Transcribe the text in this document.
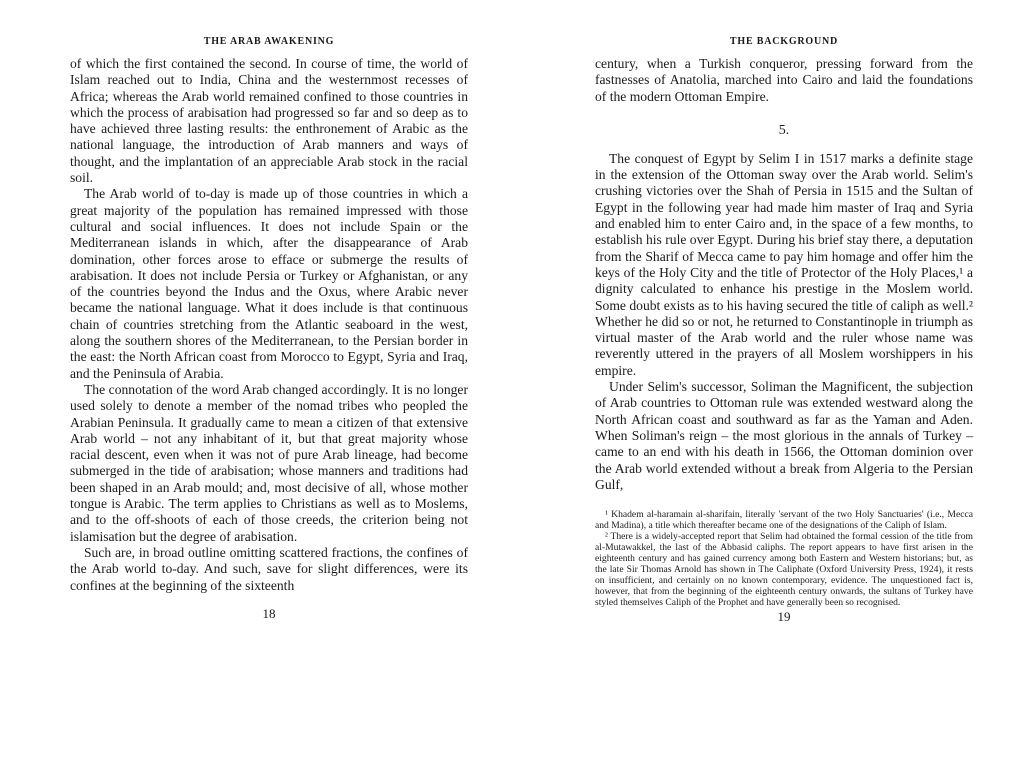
THE ARAB AWAKENING

of which the first contained the second. In course of time, the world of Islam reached out to India, China and the westernmost recesses of Africa; whereas the Arab world remained confined to those countries in which the process of arabisation had progressed so far and so deep as to have achieved three lasting results: the enthronement of Arabic as the national language, the introduction of Arab manners and ways of thought, and the implantation of an appreciable Arab stock in the racial soil.

The Arab world of to-day is made up of those countries in which a great majority of the population has remained impressed with those cultural and social influences. It does not include Spain or the Mediterranean islands in which, after the disappearance of Arab domination, other forces arose to efface or submerge the results of arabisation. It does not include Persia or Turkey or Afghanistan, or any of the countries beyond the Indus and the Oxus, where Arabic never became the national language. What it does include is that continuous chain of countries stretching from the Atlantic seaboard in the west, along the southern shores of the Mediterranean, to the Persian border in the east: the North African coast from Morocco to Egypt, Syria and Iraq, and the Peninsula of Arabia.

The connotation of the word Arab changed accordingly. It is no longer used solely to denote a member of the nomad tribes who peopled the Arabian Peninsula. It gradually came to mean a citizen of that extensive Arab world – not any inhabitant of it, but that great majority whose racial descent, even when it was not of pure Arab lineage, had become submerged in the tide of arabisation; whose manners and traditions had been shaped in an Arab mould; and, most decisive of all, whose mother tongue is Arabic. The term applies to Christians as well as to Moslems, and to the off-shoots of each of those creeds, the criterion being not islamisation but the degree of arabisation.

Such are, in broad outline omitting scattered fractions, the confines of the Arab world to-day. And such, save for slight differences, were its confines at the beginning of the sixteenth

18
THE BACKGROUND

century, when a Turkish conqueror, pressing forward from the fastnesses of Anatolia, marched into Cairo and laid the foundations of the modern Ottoman Empire.

5.

The conquest of Egypt by Selim I in 1517 marks a definite stage in the extension of the Ottoman sway over the Arab world. Selim's crushing victories over the Shah of Persia in 1515 and the Sultan of Egypt in the following year had made him master of Iraq and Syria and enabled him to enter Cairo and, in the space of a few months, to establish his rule over Egypt. During his brief stay there, a deputation from the Sharif of Mecca came to pay him homage and offer him the keys of the Holy City and the title of Protector of the Holy Places,¹ a dignity calculated to enhance his prestige in the Moslem world. Some doubt exists as to his having secured the title of caliph as well.² Whether he did so or not, he returned to Constantinople in triumph as virtual master of the Arab world and the ruler whose name was reverently uttered in the prayers of all Moslem worshippers in his empire.

Under Selim's successor, Soliman the Magnificent, the subjection of Arab countries to Ottoman rule was extended westward along the North African coast and southward as far as the Yaman and Aden. When Soliman's reign – the most glorious in the annals of Turkey – came to an end with his death in 1566, the Ottoman dominion over the Arab world extended without a break from Algeria to the Persian Gulf,

¹ Khadem al-haramain al-sharifain, literally 'servant of the two Holy Sanctuaries' (i.e., Mecca and Madina), a title which thereafter became one of the designations of the Caliph of Islam.

² There is a widely-accepted report that Selim had obtained the formal cession of the title from al-Mutawakkel, the last of the Abbasid caliphs. The report appears to have first arisen in the eighteenth century and has gained currency among both Eastern and Western historians; but, as the late Sir Thomas Arnold has shown in The Caliphate (Oxford University Press, 1924), it rests on insufficient, and certainly on no known contemporary, evidence. The unquestioned fact is, however, that from the beginning of the eighteenth century onwards, the sultans of Turkey have styled themselves Caliph of the Prophet and have generally been so recognised.

19
